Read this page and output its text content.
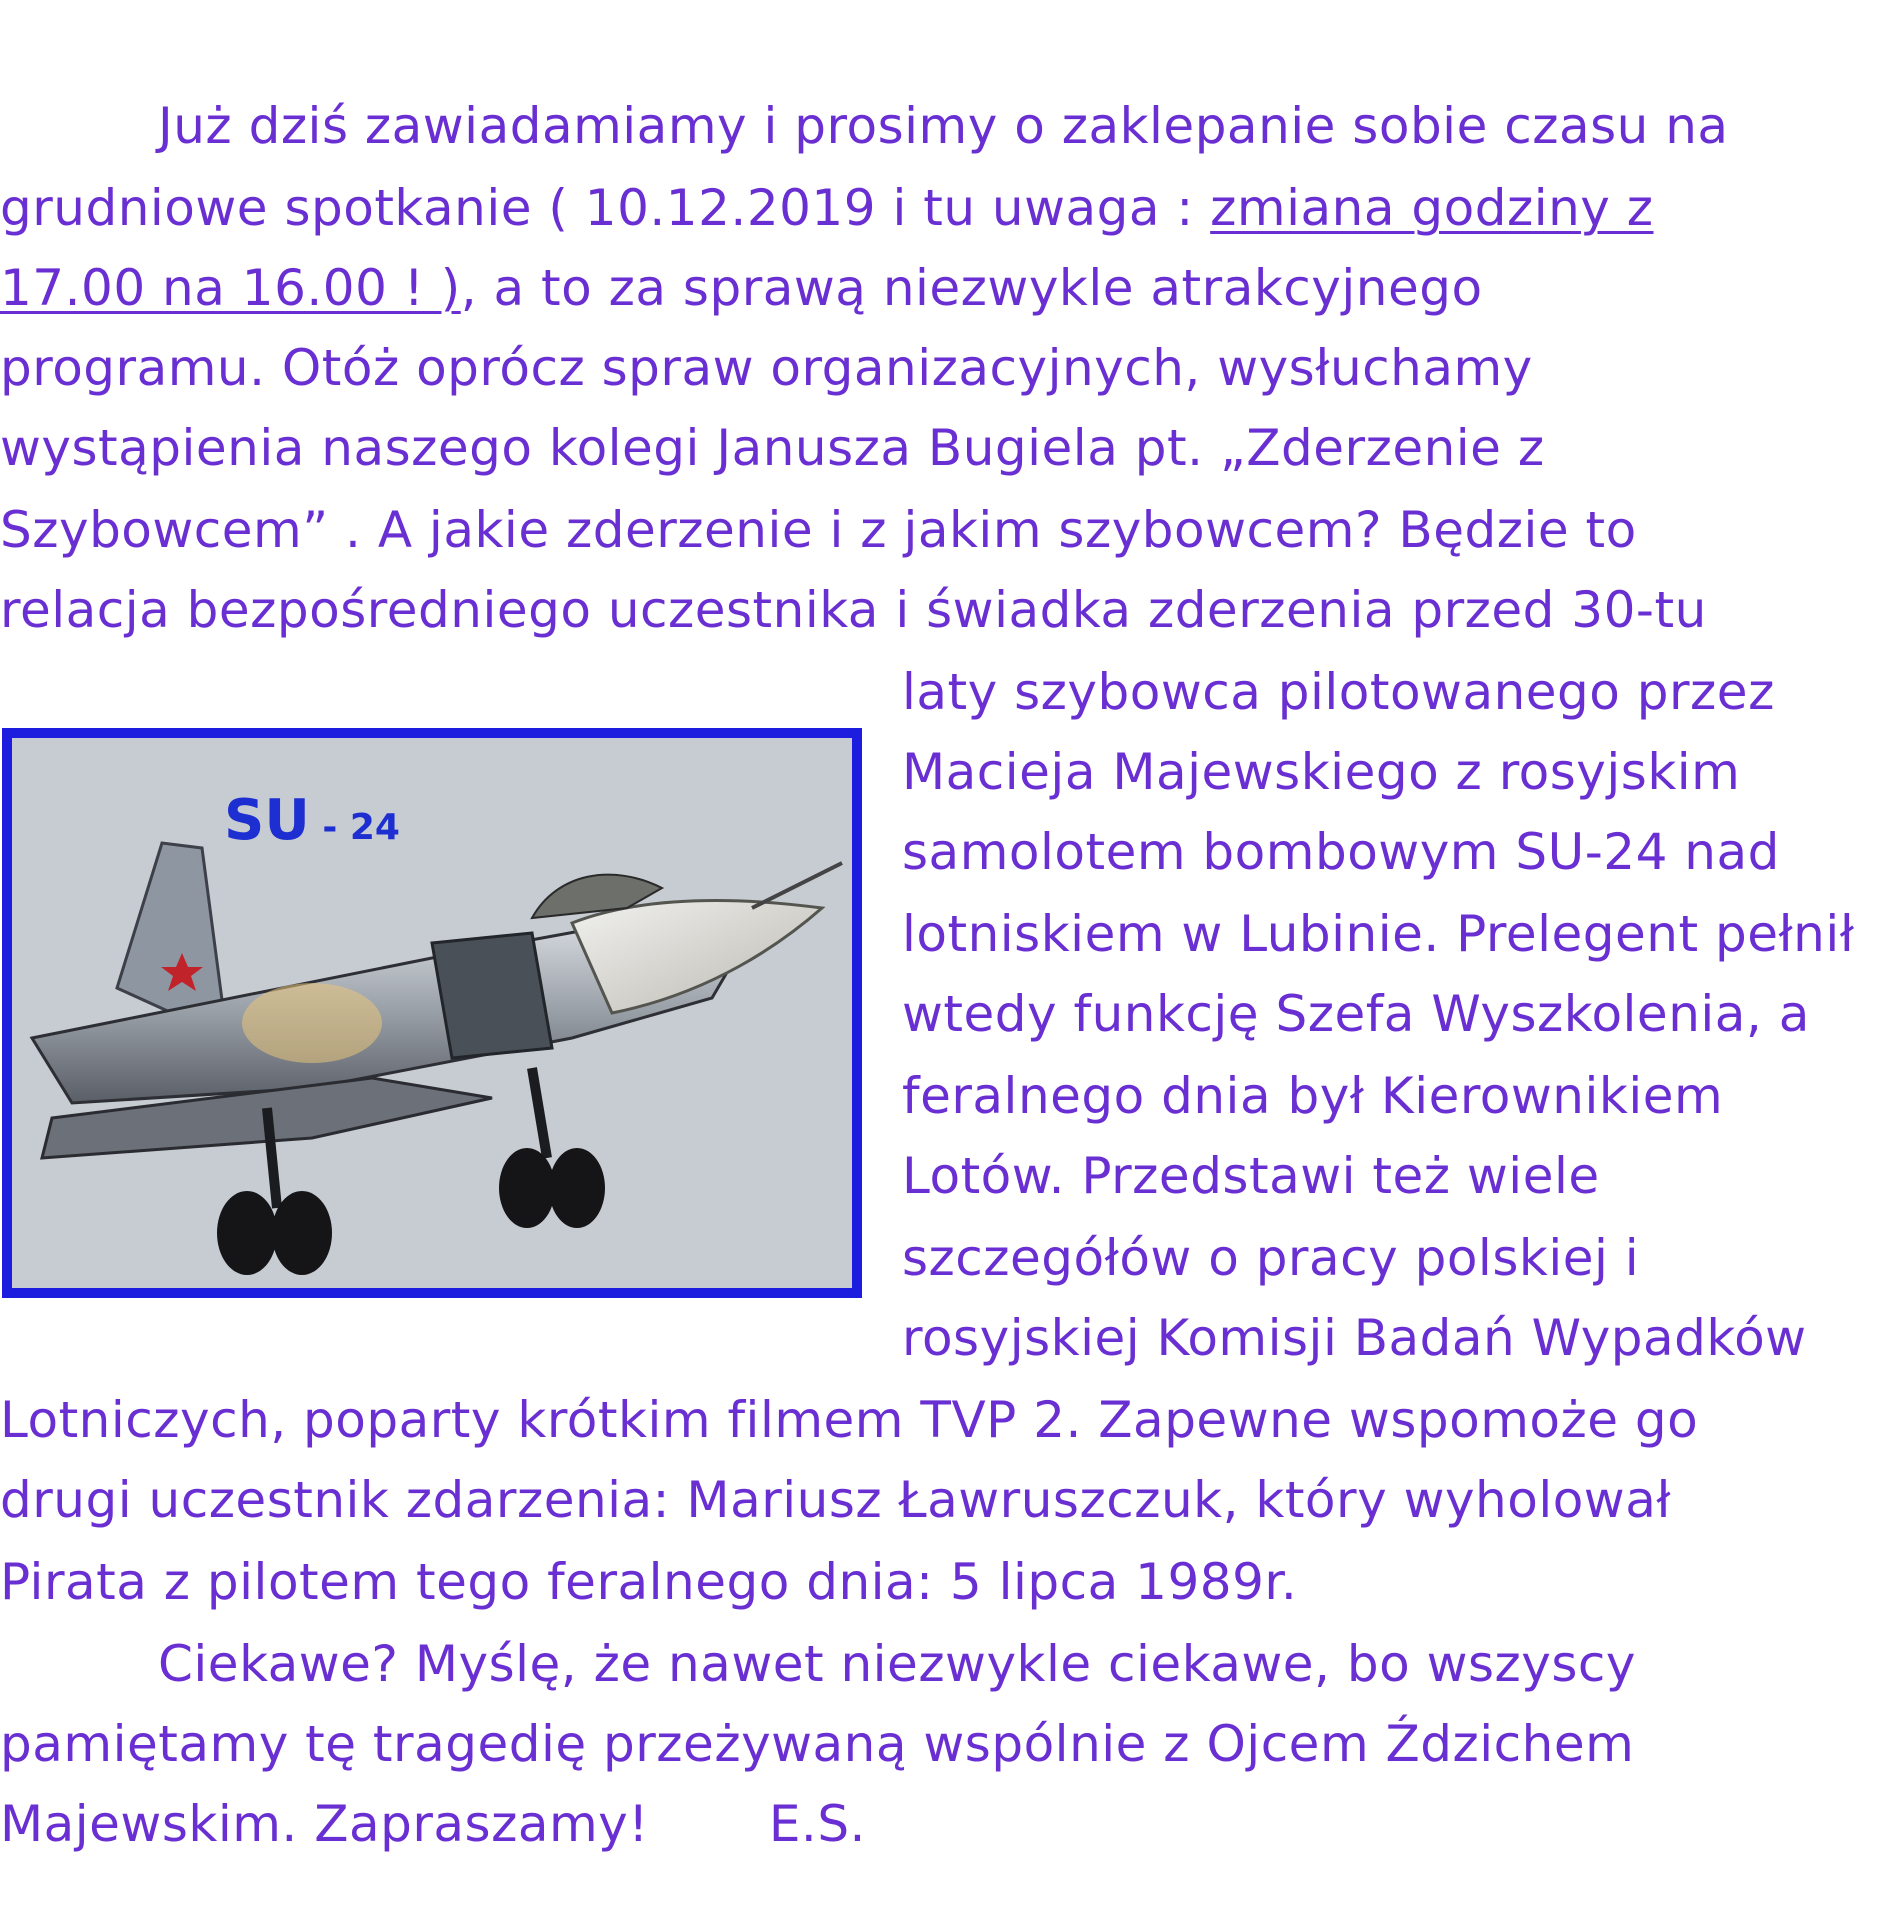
Już dziś zawiadamiamy i prosimy o zaklepanie sobie czasu na
grudniowe spotkanie ( 10.12.2019 i tu uwaga : zmiana godziny z
17.00 na 16.00 ! ), a to za sprawą niezwykle atrakcyjnego
programu. Otóż oprócz spraw organizacyjnych, wysłuchamy
wystąpienia naszego kolegi Janusza Bugiela pt. „Zderzenie z
Szybowcem” . A jakie zderzenie i z jakim szybowcem? Będzie to
relacja bezpośredniego uczestnika i świadka zderzenia przed 30-tu
laty szybowca pilotowanego przez
Macieja Majewskiego z rosyjskim
samolotem bombowym SU-24 nad
lotniskiem w Lubinie. Prelegent pełnił
wtedy funkcję Szefa Wyszkolenia, a
feralnego dnia był Kierownikiem
Lotów. Przedstawi też wiele
szczegółów o pracy polskiej i
rosyjskiej Komisji Badań Wypadków
Lotniczych, poparty krótkim filmem TVP 2. Zapewne wspomoże go
drugi uczestnik zdarzenia: Mariusz Ławruszczuk, który wyholował
Pirata z pilotem tego feralnego dnia: 5 lipca 1989r.
Ciekawe? Myślę, że nawet niezwykle ciekawe, bo wszyscy
pamiętamy tę tragedię przeżywaną wspólnie z Ojcem Ździchem
Majewskim. Zapraszamy! E.S.
SU - 24
